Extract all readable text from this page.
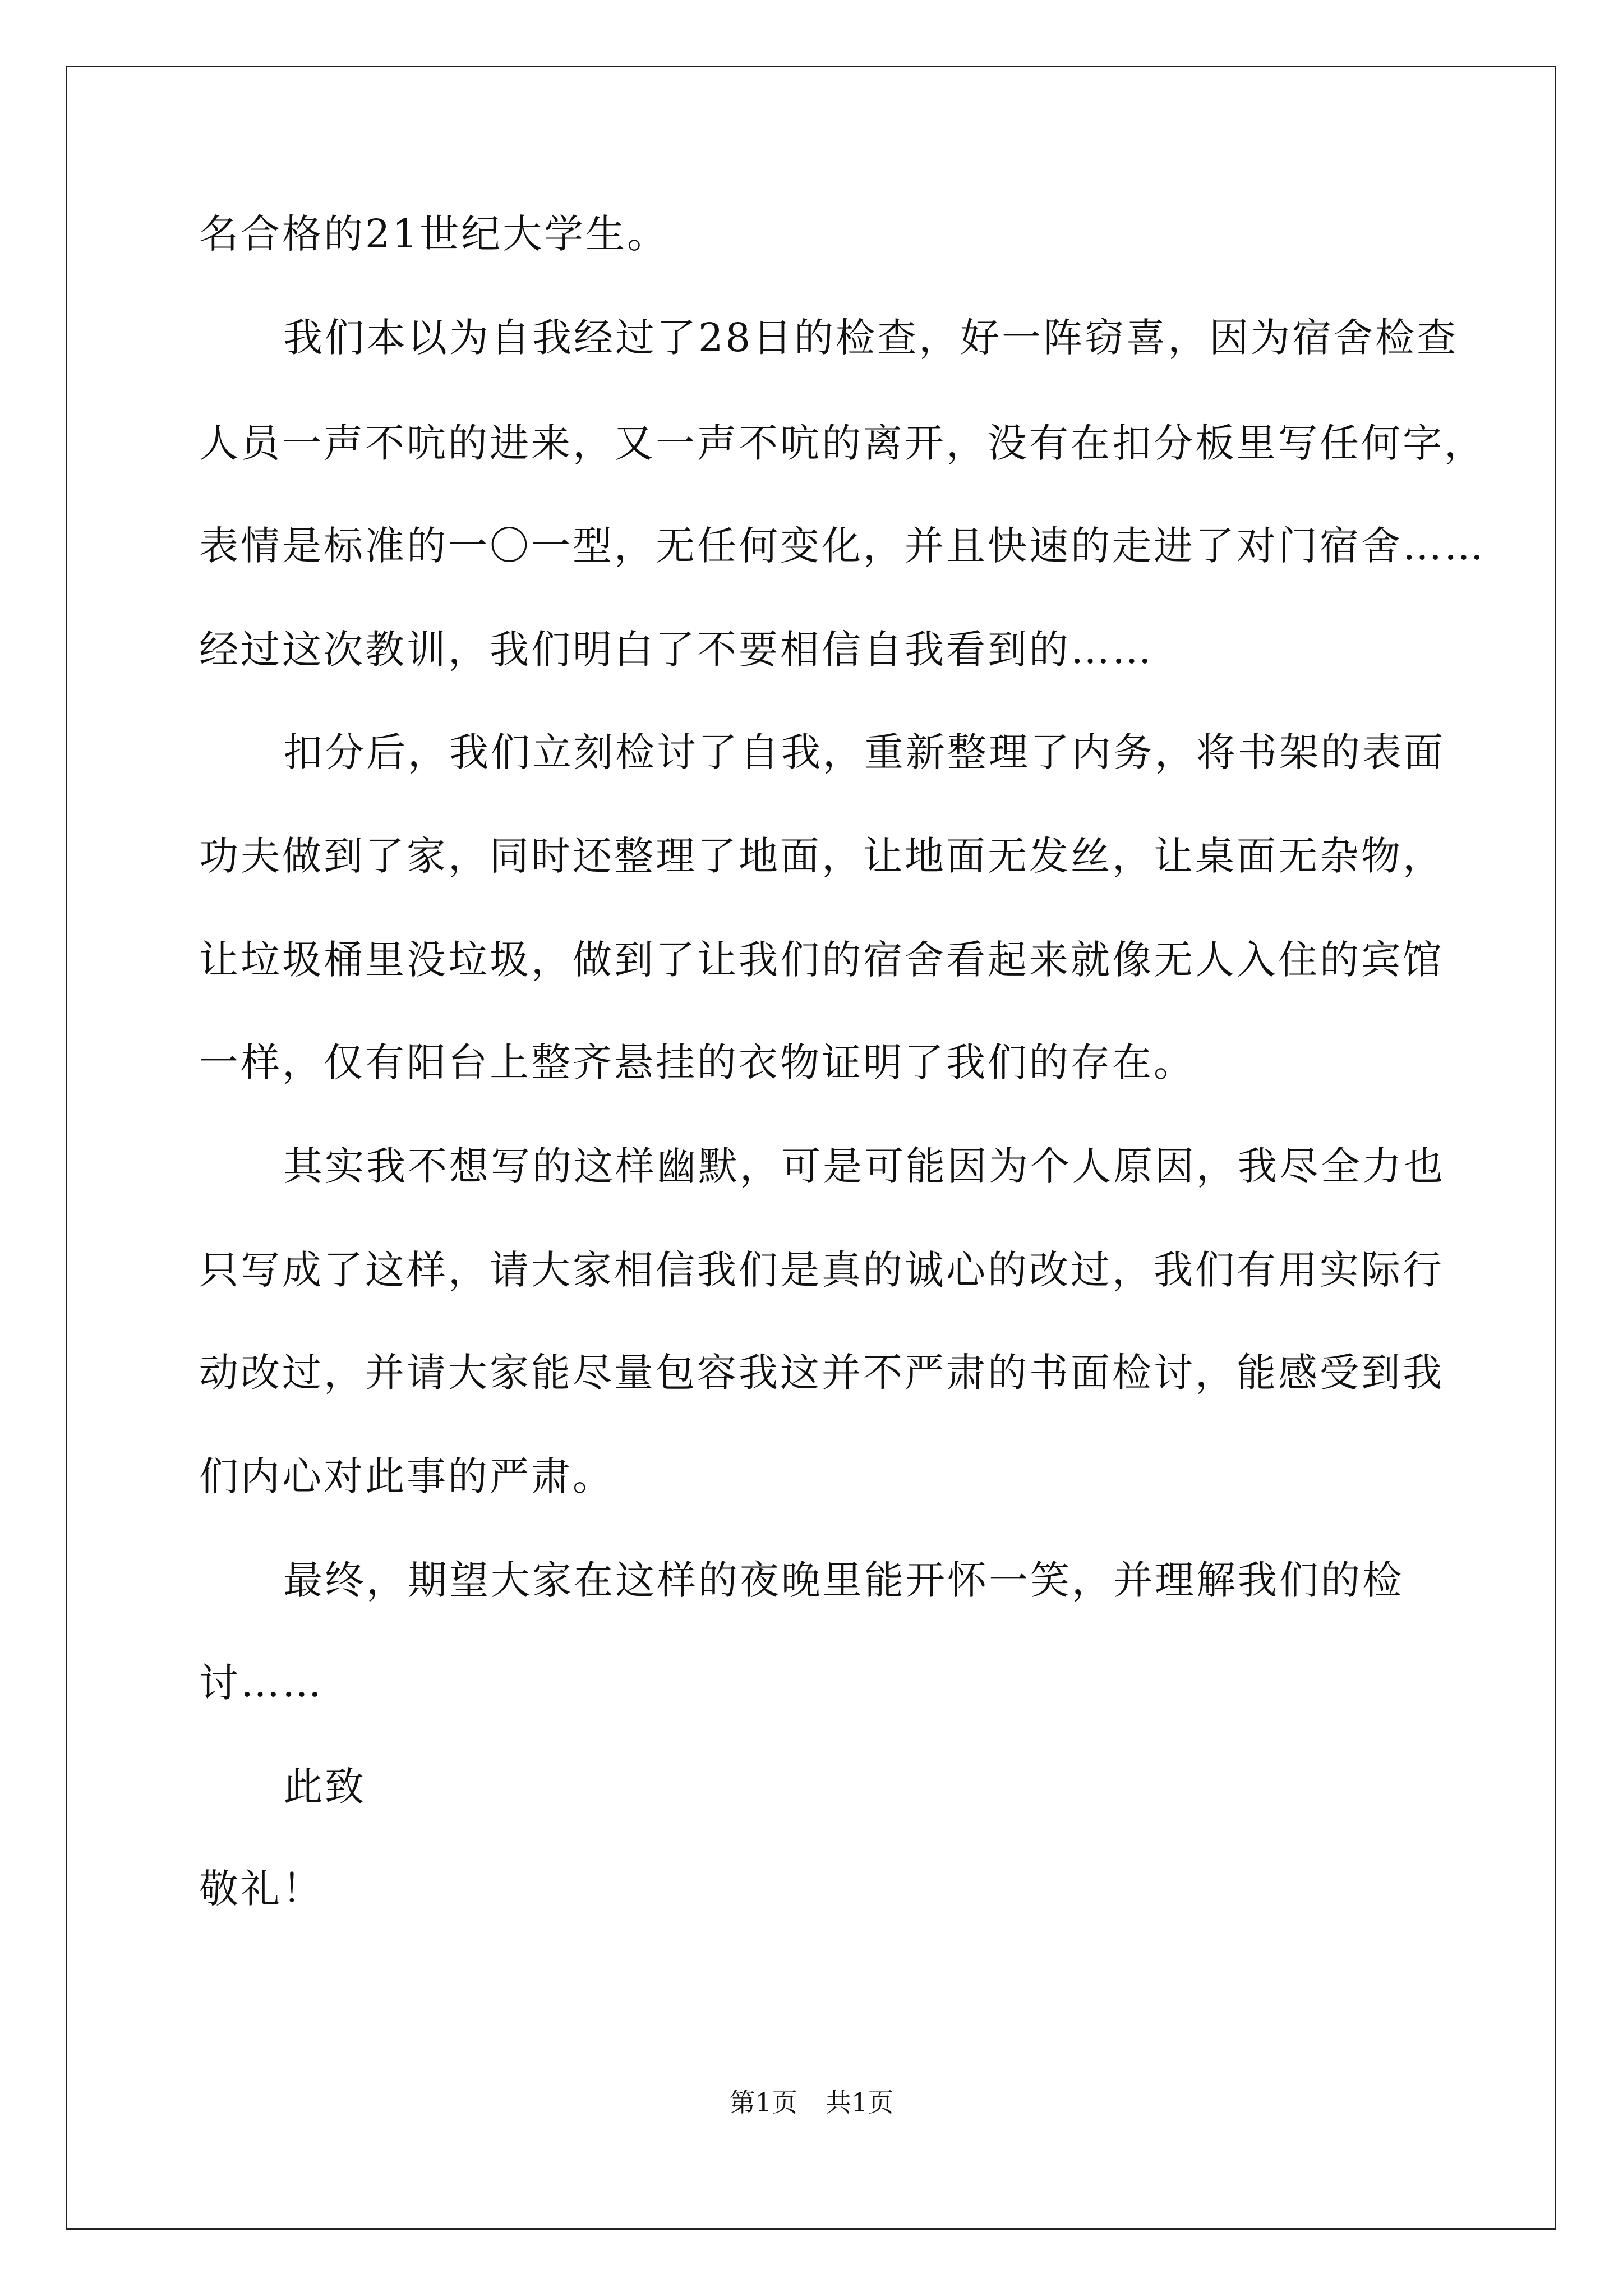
名合格的21世纪大学生。
我们本以为自我经过了28日的检查，好一阵窃喜，因为宿舍检查
人员一声不吭的进来，又一声不吭的离开，没有在扣分板里写任何字，
表情是标准的一〇一型，无任何变化，并且快速的走进了对门宿舍……
经过这次教训，我们明白了不要相信自我看到的……
扣分后，我们立刻检讨了自我，重新整理了内务，将书架的表面
功夫做到了家，同时还整理了地面，让地面无发丝，让桌面无杂物，
让垃圾桶里没垃圾，做到了让我们的宿舍看起来就像无人入住的宾馆
一样，仅有阳台上整齐悬挂的衣物证明了我们的存在。
其实我不想写的这样幽默，可是可能因为个人原因，我尽全力也
只写成了这样，请大家相信我们是真的诚心的改过，我们有用实际行
动改过，并请大家能尽量包容我这并不严肃的书面检讨，能感受到我
们内心对此事的严肃。
最终，期望大家在这样的夜晚里能开怀一笑，并理解我们的检
讨……
此致
敬礼！
第1页 共1页
